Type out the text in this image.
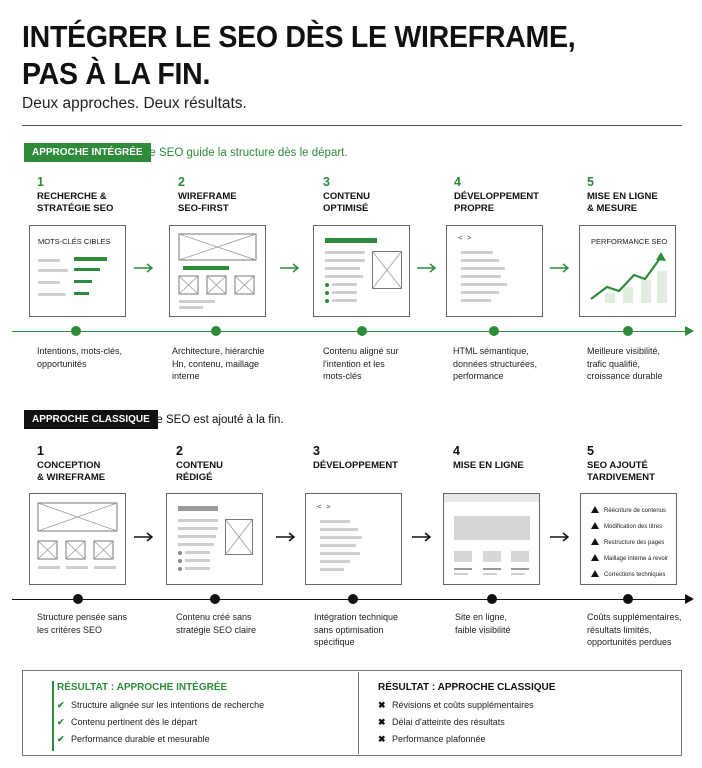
INTÉGRER LE SEO DÈS LE WIREFRAME,
PAS À LA FIN.
Deux approches. Deux résultats.
APPROCHE INTÉGRÉE Le SEO guide la structure dès le départ.
1
RECHERCHE &
STRATÉGIE SEO
MOTS-CLÉS CIBLES
2
WIREFRAME
SEO-FIRST
3
CONTENU
OPTIMISÉ
4
DÉVELOPPEMENT
PROPRE
< >
5
MISE EN LIGNE
& MESURE
PERFORMANCE SEO
Intentions, mots-clés,
opportunités
Architecture, hiérarchie
Hn, contenu, maillage
interne
Contenu aligné sur
l'intention et les
mots-clés
HTML sémantique,
données structurées,
performance
Meilleure visibilité,
trafic qualifié,
croissance durable
APPROCHE CLASSIQUE Le SEO est ajouté à la fin.
1
CONCEPTION
& WIREFRAME
2
CONTENU
RÉDIGÉ
3
DÉVELOPPEMENT
< >
4
MISE EN LIGNE
5
SEO AJOUTÉ
TARDIVEMENT
Réécriture de contenus
Modification des titres
Restructure des pages
Maillage interne à revoir
Corrections techniques
Structure pensée sans
les critères SEO
Contenu créé sans
stratégie SEO claire
Intégration technique
sans optimisation
spécifique
Site en ligne,
faible visibilité
Coûts supplémentaires,
résultats limités,
opportunités perdues
RÉSULTAT : APPROCHE INTÉGRÉE
✔ Structure alignée sur les intentions de recherche
✔ Contenu pertinent dès le départ
✔ Performance durable et mesurable
RÉSULTAT : APPROCHE CLASSIQUE
✖ Révisions et coûts supplémentaires
✖ Délai d'atteinte des résultats
✖ Performance plafonnée
